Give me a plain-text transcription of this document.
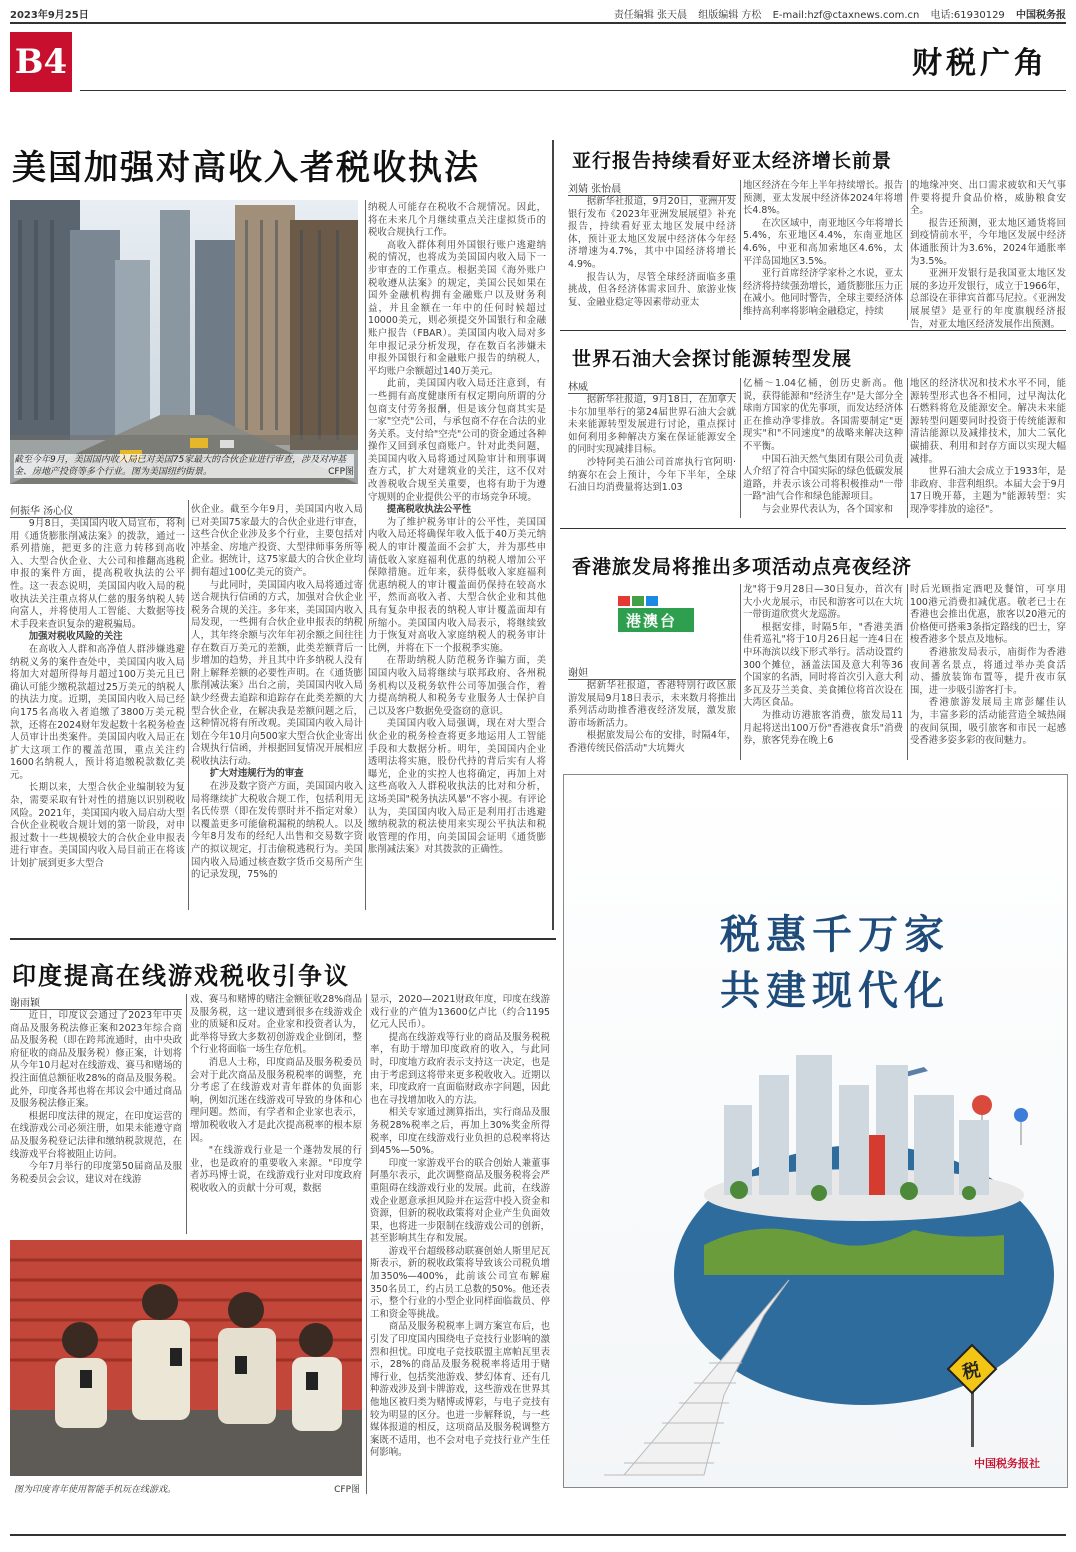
2023年9月25日	责任编辑 张天晨 组版编辑 方松 E-mail:hzf@ctaxnews.com.cn 电话:61930129 中国税务报
B4	财税广角
美国加强对高收入者税收执法
截至今年9月，美国国内收入局已对美国75家最大的合伙企业进行审查，涉及对冲基金、房地产投资等多个行业。图为美国纽约街景。	CFP图
何振华 汤心仪

9月8日，美国国内收入局宣布，将利用《通货膨胀削减法案》的拨款，通过一系列措施，把更多的注意力转移到高收入、大型合伙企业、大公司和推翻高逃税申报的案件方面，提高税收执法的公平性。这一表态说明，美国国内收入局的税收执法关注重点将从仁慈的服务纳税人转向富人，并将使用人工智能、大数据等技术手段来查识复杂的避税骗局。

加强对税收风险的关注

在高收入人群和高净值人群涉嫌逃避纳税义务的案件查处中，美国国内收入局将加大对超所得每月超过100万美元且已确认可能少缴税款超过25万美元的纳税人的执法力度。近期，美国国内收入局已经向175名高收入者追缴了3800万美元税款，还将在2024财年发起数十名税务检查人员审计出类案件。美国国内收入局正在扩大这项工作的覆盖范围，重点关注约1600名纳税人，预计将追缴税款数亿美元。

长期以来，大型合伙企业编制较为复杂，需要采取有针对性的措施以识别税收风险。2021年，美国国内收入局启动大型合伙企业税收合规计划的第一阶段，对申报过数十一些规模较大的合伙企业申报表进行审查。美国国内收入局目前正在将该计划扩展到更多大型合

伙企业。截至今年9月，美国国内收入局已对美国75家最大的合伙企业进行审查，这些合伙企业涉及多个行业，主要包括对冲基金、房地产投资、大型律师事务所等企业。据统计，这75家最大的合伙企业均拥有超过100亿美元的资产。

与此同时，美国国内收入局将通过寄送合规执行信函的方式，加强对合伙企业税务合规的关注。多年来，美国国内收入局发现，一些拥有合伙企业申报表的纳税人，其年终余额与次年年初余额之间往往存在数百万美元的差额，此类差额背后一步增加的趋势，并且其中许多纳税人没有附上解释差额的必要性声明。在《通货膨胀削减法案》出台之前，美国国内收入局缺少经费去追踪和追踪存在此类差额的大型合伙企业，在解决我是差额问题之后，这种情况将有所改观。美国国内收入局计划在今年10月向500家大型合伙企业寄出合规执行信函，并根据回复情况开展相应税收执法行动。

扩大对违规行为的审查

在涉及数字资产方面，美国国内收入局将继续扩大税收合规工作，包括利用无名氏传票（即在发传票时并不指定对象）以覆盖更多可能偷税漏税的纳税人。以及今年8月发布的经纪人出售和交易数字资产的拟议规定，打击偷税逃税行为。美国国内收入局通过核查数字货币交易所产生的记录发现，75%的

纳税人可能存在税收不合规情况。因此，将在未来几个月继续重点关注虚拟货币的税收合规执行工作。

高收入群体利用外国银行账户逃避纳税的情况，也将成为美国国内收入局下一步审查的工作重点。根据美国《海外账户税收遵从法案》的规定，美国公民如果在国外金融机构拥有金融账户以及财务利益，并且金额在一年中的任何时候超过10000美元，则必须提交外国银行和金融账户报告（FBAR）。美国国内收入局对多年申报记录分析发现，存在数百名涉嫌未申报外国银行和金融账户报告的纳税人，平均账户余额超过140万美元。

此前，美国国内收入局还注意到，有一些拥有高度健康所有权定期向所谓的分包商支付劳务报酬，但是该分包商其实是一家"空壳"公司，与承包商不存在合法的业务关系。支付给"空壳"公司的资金通过各种操作又回到承包商账户。针对此类问题，美国国内收入局将通过风险审计和刑事调查方式，扩大对建筑业的关注，这不仅对改善税收合规至关重要，也将有助于为遵守规则的企业提供公平的市场竞争环境。

提高税收执法公平性

为了维护税务审计的公平性，美国国内收入局还将确保年收入低于40万美元纳税人的审计覆盖面不会扩大，并为那些申请低收入家庭福利优惠的纳税人增加公平保障措施。近年来，获得低收入家庭福利优惠纳税人的审计覆盖面仍保持在较高水平，然而高收入者、大型合伙企业和其他具有复杂申报表的纳税人审计覆盖面却有所缩小。美国国内收入局表示，将继续致力于恢复对高收入家庭纳税人的税务审计比例，并将在下一个报税季实施。

在帮助纳税人防范税务诈骗方面，美国国内收入局将继续与联邦政府、各州税务机构以及税务软件公司等加强合作，着力提高纳税人和税务专业服务人士保护自己以及客户数据免受盗窃的意识。

美国国内收入局强调，现在对大型合伙企业的税务检查将更多地运用人工智能手段和大数据分析。明年，美国国内企业透明法将实施，股份代持的背后实有人将曝光，企业的实控人也将确定，再加上对这些高收入人群税收执法的比对和分析，这场美国"税务执法风暴"不容小视。有评论认为，美国国内收入局正是利用打击逃避缴纳税款的税法使用来实现公平执法和税收管理的作用，向美国国会证明《通货膨胀削减法案》对其拨款的正确性。

亚行报告持续看好亚太经济增长前景
刘婧 张怡晨

据新华社报道，9月20日，亚洲开发银行发布《2023年亚洲发展展望》补充报告，持续看好亚太地区发展中经济体，预计亚太地区发展中经济体今年经济增速为4.7%，其中中国经济将增长4.9%。

报告认为，尽管全球经济面临多重挑战，但各经济体需求回升、旅游业恢复、金融业稳定等因素带动亚太

地区经济在今年上半年持续增长。报告预测，亚太发展中经济体2024年将增长4.8%。

在次区域中，南亚地区今年将增长5.4%，东亚地区4.4%，东南亚地区4.6%，中亚和高加索地区4.6%，太平洋岛国地区3.5%。

亚行首席经济学家朴之水说，亚太经济将持续强劲增长，通货膨胀压力正在减小。他同时警告，全球主要经济体维持高利率将影响金融稳定，持续

的地缘冲突、出口需求疲软和天气事件要将提升食品价格，威胁粮食安全。

报告还预测，亚太地区通货将回到疫情前水平，今年地区发展中经济体通胀预计为3.6%，2024年通胀率为3.5%。

亚洲开发银行是我国亚太地区发展的多边开发银行，成立于1966年，总部设在菲律宾首都马尼拉。《亚洲发展展望》是亚行的年度旗舰经济报告，对亚太地区经济发展作出预测。

世界石油大会探讨能源转型发展
林威

据新华社报道，9月18日，在加拿大卡尔加里举行的第24届世界石油大会就未来能源转型发展进行讨论，重点探讨如何利用多种解决方案在保证能源安全的同时实现减排目标。

沙特阿美石油公司首席执行官阿明·纳赛尔在会上预计，今年下半年，全球石油日均消费量将达到1.03

亿桶～1.04亿桶，创历史新高。他说，获得能源和"经济生存"是大部分全球南方国家的优先事项，而发达经济体正在推动净零排放。各国需要制定"更现实"和"不同速度"的战略来解决这种不平衡。

中国石油天然气集团有限公司负责人介绍了符合中国实际的绿色低碳发展道路，并表示该公司将积极推动"一带一路"油气合作和绿色能源项目。

与会业界代表认为，各个国家和

地区的经济状况和技术水平不同，能源转型形式也各不相同，过早淘汰化石燃料将危及能源安全。解决未来能源转型问题要同时投资于传统能源和清洁能源以及减排技术，加大二氧化碳捕获、利用和封存方面以实现大幅减排。

世界石油大会成立于1933年，是非政府、非营利组织。本届大会于9月17日晚开幕，主题为"能源转型：实现净零排放的途径"。

香港旅发局将推出多项活动点亮夜经济
港澳台
谢妲

据新华社报道，香港特别行政区旅游发展局9月18日表示，未来数月将推出系列活动助推香港夜经济发展，激发旅游市场新活力。

根据旅发局公布的安排，时隔4年，香港传统民俗活动"大坑舞火

龙"将于9月28日—30日复办，首次有大小火龙展示，市民和游客可以在大坑一带街道欣赏火龙巡游。

根据安排，时隔5年，"香港美酒佳肴巡礼"将于10月26日起一连4日在中环海滨以线下形式举行。活动设置约300个摊位，涵盖法国及意大利等36个国家的名酒，同时将首次引入意大利多瓦及芬兰美食、美食摊位将首次设在大湾区食品。

为推动访港旅客消费，旅发局11月起将送出100万份"香港夜食乐"消费券，旅客凭券在晚上6

时后光顾指定酒吧及餐馆，可享用100港元消费扣减优惠。敬老已士在香港也会推出优惠，旅客以20港元的价格便可搭乘3条指定路线的巴士，穿梭香港多个景点及地标。

香港旅发局表示，庙街作为香港夜间著名景点，将通过举办美食活动、播放装饰布置等，提升夜市氛围，进一步吸引游客打卡。

香港旅游发展局主席彭耀佳认为，丰富多彩的活动能营造全城热闹的夜间氛围，吸引旅客和市民一起感受香港多姿多彩的夜间魅力。

税惠千万家
共建现代化
税
中国税务报社
印度提高在线游戏税收引争议
谢雨颖

近日，印度议会通过了2023年中央商品及服务税法修正案和2023年综合商品及服务税（即在跨邦流通时，由中央政府征收的商品及服务税）修正案，计划将从今年10月起对在线游戏、赛马和赌场的投注面值总额征收28%的商品及服务税。此外，印度各邦也将在邦议会中通过商品及服务税法修正案。

根据印度法律的规定，在印度运营的在线游戏公司必须注册，如果未能遵守商品及服务税登记法律和缴纳税款规范，在线游戏平台将被阻止访问。

今年7月举行的印度第50届商品及服务税委员会会议，建议对在线游

戏、赛马和赌博的赌注金额征收28%商品及服务税，这一建议遭到很多在线游戏企业的质疑和反对。企业家和投资者认为，此举将导致大多数初创游戏企业倒闭，整个行业将面临一场生存危机。

消息人士称，印度商品及服务税委员会对于此次商品及服务税税率的调整，充分考虑了在线游戏对青年群体的负面影响，例如沉迷在线游戏可导致的身体和心理问题。然而，有学者和企业家也表示，增加税收收入才是此次提高税率的根本原因。

"在线游戏行业是一个蓬勃发展的行业，也是政府的重要收入来源。"印度学者苏玛博士说，在线游戏行业对印度政府税收收入的贡献十分可观，数据

显示，2020—2021财政年度，印度在线游戏行业的产值为13600亿卢比（约合1195亿元人民币）。

提高在线游戏等行业的商品及服务税税率，有助于增加印度政府的收入，与此同时，印度地方政府表示支持这一决定，也是由于考虑到这将带来更多税收收入。近期以来，印度政府一直面临财政赤字问题，因此也在寻找增加收入的方法。

相关专家通过测算指出，实行商品及服务税28%税率之后，再加上30%奖金所得税率，印度在线游戏行业负担的总税率将达到45%—50%。

印度一家游戏平台的联合创始人兼董事阿墨尔表示，此次调整商品及服务税将会严重阻碍在线游戏行业的发展。此前，在线游戏企业愿意承担风险并在运营中投入资金和资源，但新的税收政策将对企业产生负面效果，也将进一步限制在线游戏公司的创新，甚至影响其生存和发展。

游戏平台超级移动联赛创始人斯里尼瓦斯表示，新的税收政策将导致该公司税负增加350%—400%，此前该公司宣布解雇350名员工，约占员工总数的50%。他还表示，整个行业的小型企业同样面临裁员、停工和资金等挑战。

商品及服务税税率上调方案宣布后，也引发了印度国内围绕电子竞技行业影响的激烈和担忧。印度电子竞技联盟主席帕瓦里表示，28%的商品及服务税税率将适用于赌博行业，包括奖池游戏、梦幻体育、还有几种游戏涉及到卡牌游戏，这些游戏在世界其他地区被归类为赌博或博彩，与电子竞技有较为明显的区分。也进一步解释说，与一些媒体报道的相反，这项商品及服务税调整方案既不适用，也不会对电子竞技行业产生任何影响。

图为印度青年使用智能手机玩在线游戏。	CFP图
